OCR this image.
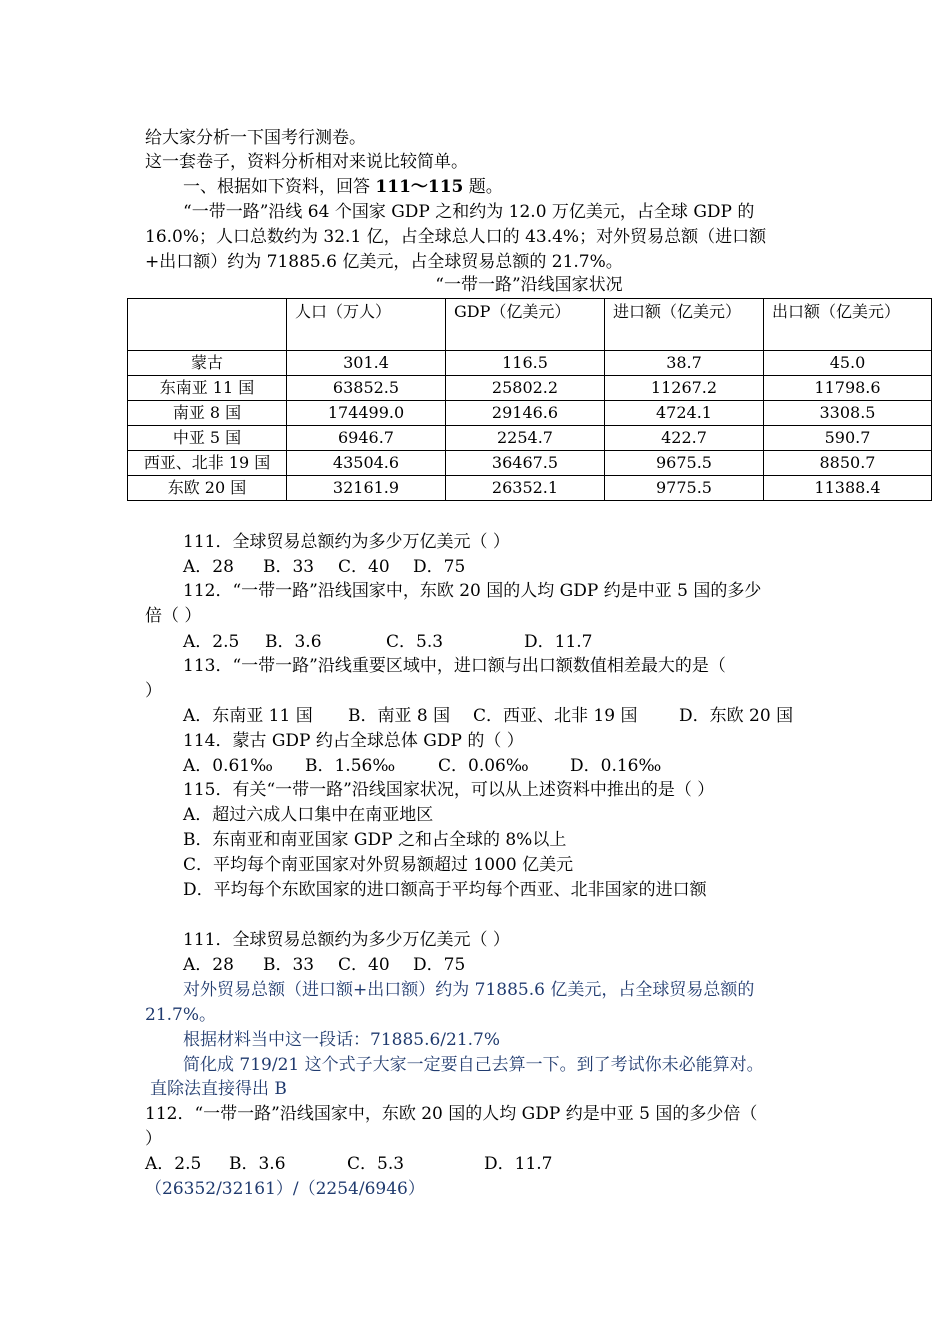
给大家分析一下国考行测卷。
这一套卷子，资料分析相对来说比较简单。
一、根据如下资料，回答 111～115 题。
“一带一路”沿线 64 个国家 GDP 之和约为 12.0 万亿美元，占全球 GDP 的
16.0%；人口总数约为 32.1 亿，占全球总人口的 43.4%；对外贸易总额（进口额
+出口额）约为 71885.6 亿美元，占全球贸易总额的 21.7%。
“一带一路”沿线国家状况
	人口（万人）	GDP（亿美元）	进口额（亿美元）	出口额（亿美元）
蒙古	301.4	116.5	38.7	45.0
东南亚 11 国	63852.5	25802.2	11267.2	11798.6
南亚 8 国	174499.0	29146.6	4724.1	3308.5
中亚 5 国	6946.7	2254.7	422.7	590.7
西亚、北非 19 国	43504.6	36467.5	9675.5	8850.7
东欧 20 国	32161.9	26352.1	9775.5	11388.4
111．全球贸易总额约为多少万亿美元（ ）
A．28 B．33 C．40 D．75
112．“一带一路”沿线国家中，东欧 20 国的人均 GDP 约是中亚 5 国的多少
倍（ ）
A．2.5 B．3.6	C．5.3	D．11.7
113．“一带一路”沿线重要区域中，进口额与出口额数值相差最大的是（
）
A．东南亚 11 国 B．南亚 8 国 C．西亚、北非 19 国 D．东欧 20 国
114．蒙古 GDP 约占全球总体 GDP 的（ ）
A．0.61‰ B．1.56‰	C．0.06‰ D．0.16‰
115．有关“一带一路”沿线国家状况，可以从上述资料中推出的是（ ）
A．超过六成人口集中在南亚地区
B．东南亚和南亚国家 GDP 之和占全球的 8%以上
C．平均每个南亚国家对外贸易额超过 1000 亿美元
D．平均每个东欧国家的进口额高于平均每个西亚、北非国家的进口额
111．全球贸易总额约为多少万亿美元（ ）
A．28 B．33 C．40 D．75
对外贸易总额（进口额+出口额）约为 71885.6 亿美元，占全球贸易总额的
21.7%。
根据材料当中这一段话：71885.6/21.7%
简化成 719/21 这个式子大家一定要自己去算一下。到了考试你未必能算对。
直除法直接得出 B
112．“一带一路”沿线国家中，东欧 20 国的人均 GDP 约是中亚 5 国的多少倍（
）
A．2.5 B．3.6	C．5.3	D．11.7
（26352/32161）/（2254/6946）
